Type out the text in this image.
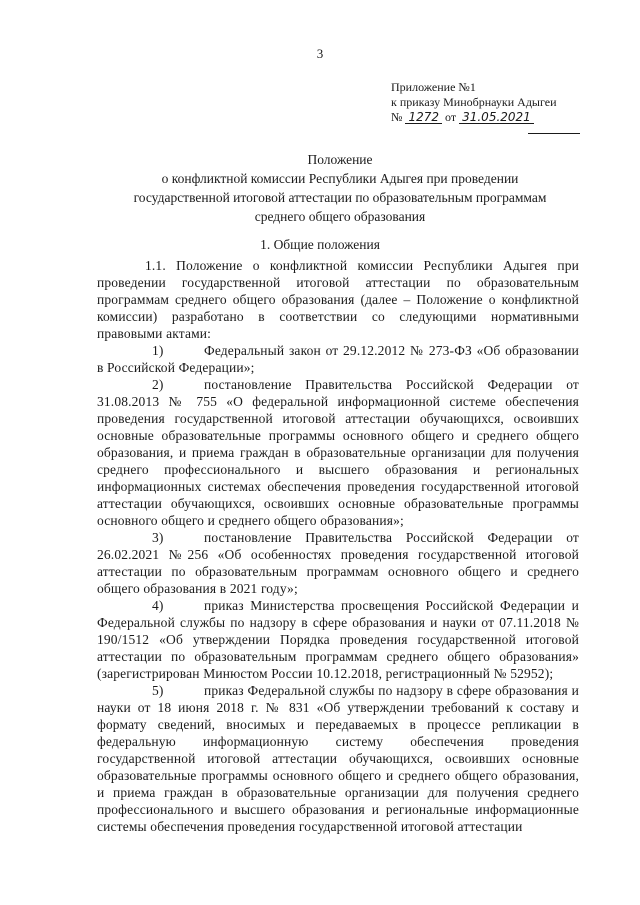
3
Приложение №1
к приказу Минобрнауки Адыгеи
№ 1272 от 31.05.2021
Положение
о конфликтной комиссии Республики Адыгея при проведении
государственной итоговой аттестации по образовательным программам
среднего общего образования
1. Общие положения

1.1. Положение о конфликтной комиссии Республики Адыгея при проведении государственной итоговой аттестации по образовательным программам среднего общего образования (далее – Положение о конфликтной комиссии) разработано в соответствии со следующими нормативными правовыми актами:

1)	Федеральный закон от 29.12.2012 № 273-ФЗ «Об образовании в Российской Федерации»;

2)	постановление Правительства Российской Федерации от 31.08.2013 № 755 «О федеральной информационной системе обеспечения проведения государственной итоговой аттестации обучающихся, освоивших основные образовательные программы основного общего и среднего общего образования, и приема граждан в образовательные организации для получения среднего профессионального и высшего образования и региональных информационных системах обеспечения проведения государственной итоговой аттестации обучающихся, освоивших основные образовательные программы основного общего и среднего общего образования»;

3)	постановление Правительства Российской Федерации от 26.02.2021 №256 «Об особенностях проведения государственной итоговой аттестации по образовательным программам основного общего и среднего общего образования в 2021 году»;

4)	приказ Министерства просвещения Российской Федерации и Федеральной службы по надзору в сфере образования и науки от 07.11.2018 № 190/1512 «Об утверждении Порядка проведения государственной итоговой аттестации по образовательным программам среднего общего образования» (зарегистрирован Минюстом России 10.12.2018, регистрационный № 52952);

5)	приказ Федеральной службы по надзору в сфере образования и науки от 18 июня 2018 г. № 831 «Об утверждении требований к составу и формату сведений, вносимых и передаваемых в процессе репликации в федеральную информационную систему обеспечения проведения государственной итоговой аттестации обучающихся, освоивших основные образовательные программы основного общего и среднего общего образования, и приема граждан в образовательные организации для получения среднего профессионального и высшего образования и региональные информационные системы обеспечения проведения государственной итоговой аттестации
